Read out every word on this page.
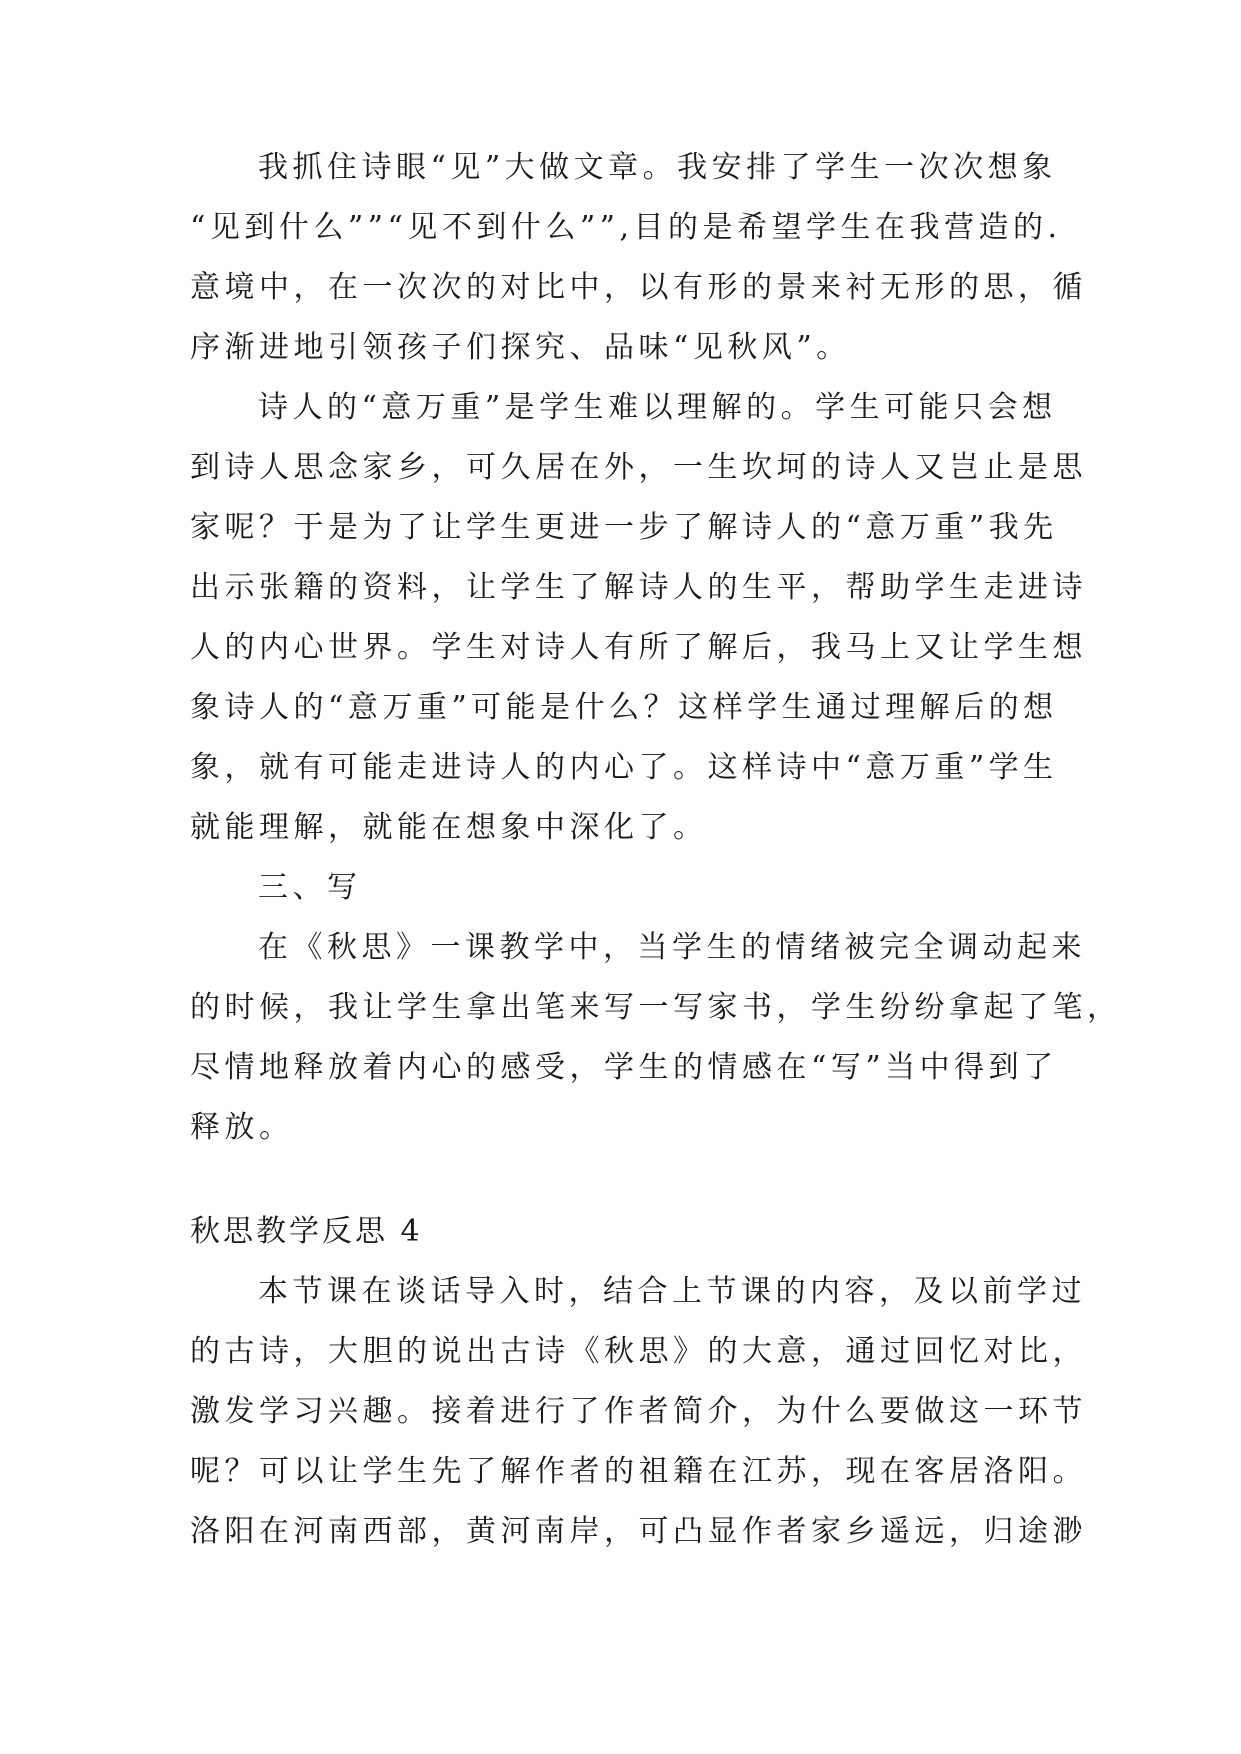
我抓住诗眼“见”大做文章。我安排了学生一次次想象
“见到什么””“见不到什么””,目的是希望学生在我营造的.
意境中，在一次次的对比中，以有形的景来衬无形的思，循
序渐进地引领孩子们探究、品味“见秋风”。
诗人的“意万重”是学生难以理解的。学生可能只会想
到诗人思念家乡，可久居在外，一生坎坷的诗人又岂止是思
家呢？于是为了让学生更进一步了解诗人的“意万重”我先
出示张籍的资料，让学生了解诗人的生平，帮助学生走进诗
人的内心世界。学生对诗人有所了解后，我马上又让学生想
象诗人的“意万重”可能是什么？这样学生通过理解后的想
象，就有可能走进诗人的内心了。这样诗中“意万重”学生
就能理解，就能在想象中深化了。
三、写
在《秋思》一课教学中，当学生的情绪被完全调动起来
的时候，我让学生拿出笔来写一写家书，学生纷纷拿起了笔，
尽情地释放着内心的感受，学生的情感在“写”当中得到了
释放。
秋思教学反思 4
本节课在谈话导入时，结合上节课的内容，及以前学过
的古诗，大胆的说出古诗《秋思》的大意，通过回忆对比，
激发学习兴趣。接着进行了作者简介，为什么要做这一环节
呢？可以让学生先了解作者的祖籍在江苏，现在客居洛阳。
洛阳在河南西部，黄河南岸，可凸显作者家乡遥远，归途渺
